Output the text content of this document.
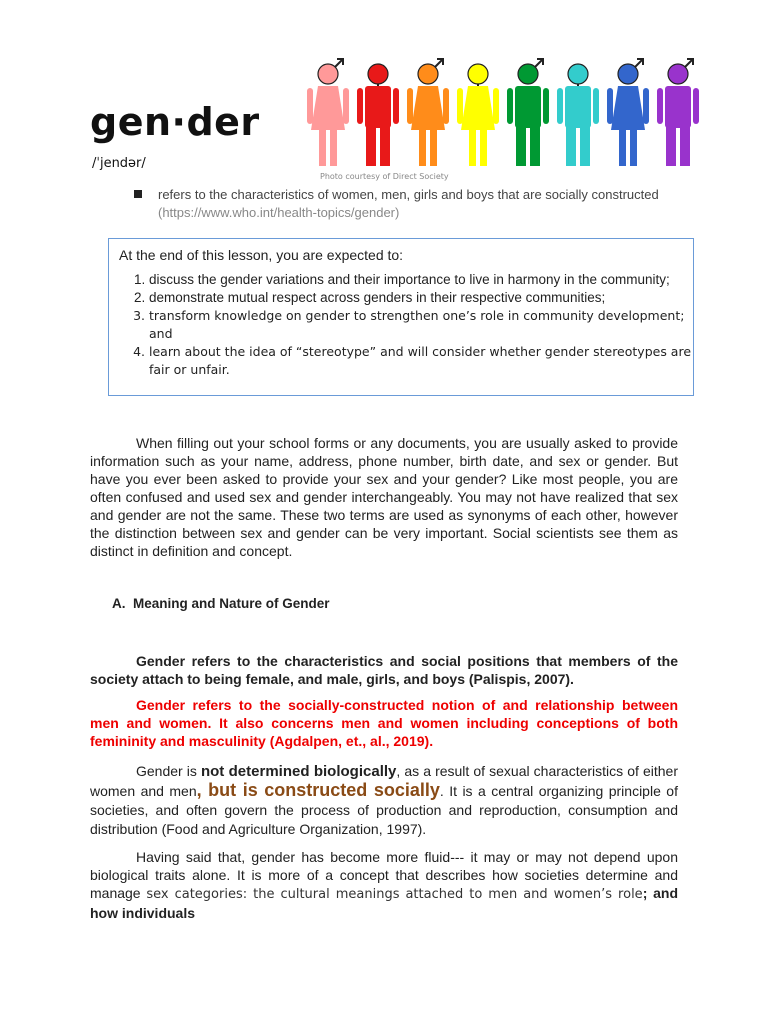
gen·der
/ˈjendər/
Photo courtesy of Direct Society
refers to the characteristics of women, men, girls and boys that are socially constructed
(https://www.who.int/health-topics/gender)
At the end of this lesson, you are expected to:
1. discuss the gender variations and their importance to live in harmony in the community;
2. demonstrate mutual respect across genders in their respective communities;
3. transform knowledge on gender to strengthen one’s role in community development; and
4. learn about the idea of “stereotype” and will consider whether gender stereotypes are fair or unfair.

When filling out your school forms or any documents, you are usually asked to provide information such as your name, address, phone number, birth date, and sex or gender. But have you ever been asked to provide your sex and your gender? Like most people, you are often confused and used sex and gender interchangeably. You may not have realized that sex and gender are not the same. These two terms are used as synonyms of each other, however the distinction between sex and gender can be very important. Social scientists see them as distinct in definition and concept.

A.  Meaning and Nature of Gender

Gender refers to the characteristics and social positions that members of the society attach to being female, and male, girls, and boys (Palispis, 2007).

Gender refers to the socially-constructed notion of and relationship between men and women. It also concerns men and women including conceptions of both femininity and masculinity (Agdalpen, et., al., 2019).

Gender is not determined biologically, as a result of sexual characteristics of either women and men, but is constructed socially. It is a central organizing principle of societies, and often govern the process of production and reproduction, consumption and distribution (Food and Agriculture Organization, 1997).

Having said that, gender has become more fluid--- it may or may not depend upon biological traits alone. It is more of a concept that describes how societies determine and manage sex categories: the cultural meanings attached to men and women’s role; and how individuals
